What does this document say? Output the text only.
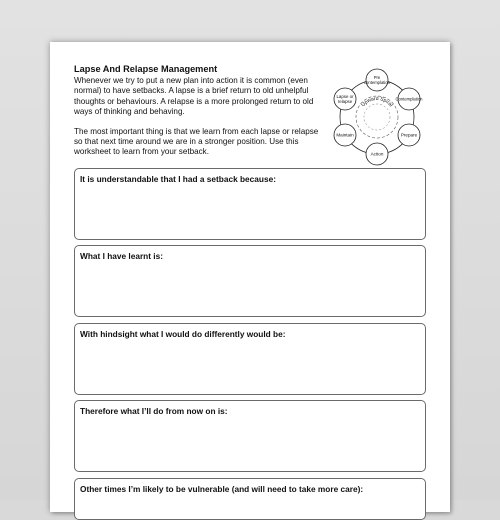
Lapse And Relapse Management

Whenever we try to put a new plan into action it is common (even normal) to have setbacks. A lapse is a brief return to old unhelpful thoughts or behaviours. A relapse is a more prolonged return to old ways of thinking and behaving.

The most important thing is that we learn from each lapse or relapse so that next time around we are in a stronger position. Use this worksheet to learn from your setback.

Upward Spiral
Pre
contemplation
Contemplation
Prepare
Action
Maintain
Lapse or
relapse
It is understandable that I had a setback because:
What I have learnt is:
With hindsight what I would do differently would be:
Therefore what I’ll do from now on is:
Other times I’m likely to be vulnerable (and will need to take more care):
